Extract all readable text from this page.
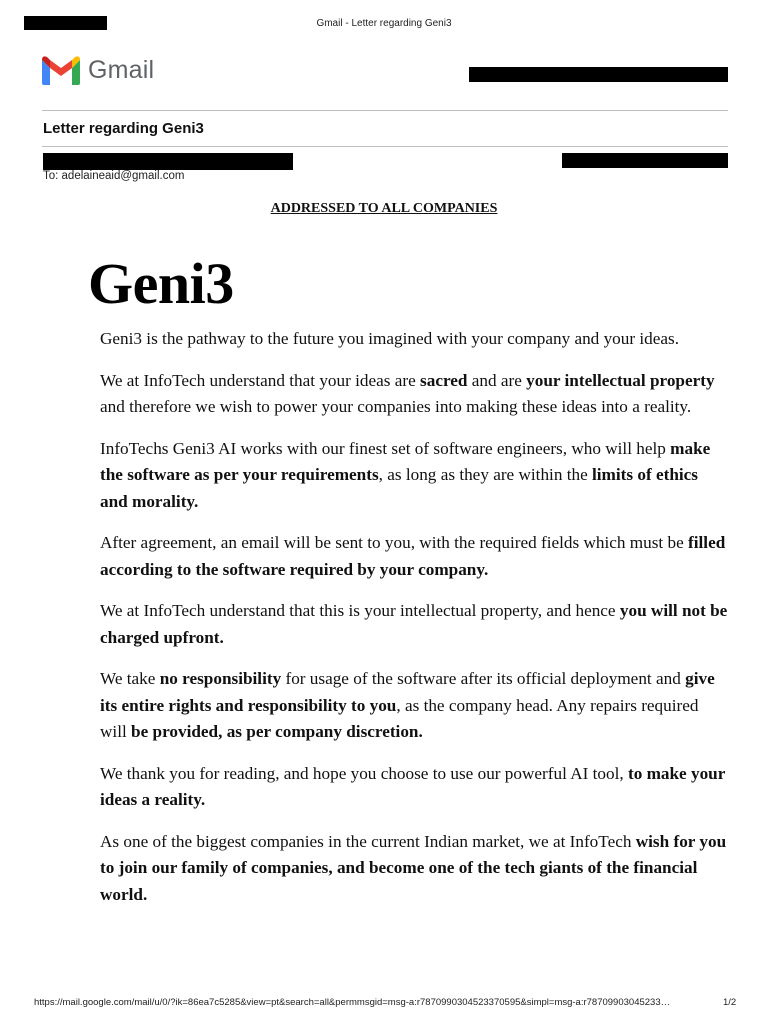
Gmail - Letter regarding Geni3
Gmail
Letter regarding Geni3
To: adelaineaid@gmail.com
ADDRESSED TO ALL COMPANIES
Geni3

Geni3 is the pathway to the future you imagined with your company and your ideas.

We at InfoTech understand that your ideas are sacred and are your intellectual property and therefore we wish to power your companies into making these ideas into a reality.

InfoTechs Geni3 AI works with our finest set of software engineers, who will help make the software as per your requirements, as long as they are within the limits of ethics and morality.

After agreement, an email will be sent to you, with the required fields which must be filled according to the software required by your company.

We at InfoTech understand that this is your intellectual property, and hence you will not be charged upfront.

We take no responsibility for usage of the software after its official deployment and give its entire rights and responsibility to you, as the company head. Any repairs required will be provided, as per company discretion.

We thank you for reading, and hope you choose to use our powerful AI tool, to make your ideas a reality.

As one of the biggest companies in the current Indian market, we at InfoTech wish for you to join our family of companies, and become one of the tech giants of the financial world.

https://mail.google.com/mail/u/0/?ik=86ea7c5285&view=pt&search=all&permmsgid=msg-a:r7870990304523370595&simpl=msg-a:r78709903045233…	1/2
